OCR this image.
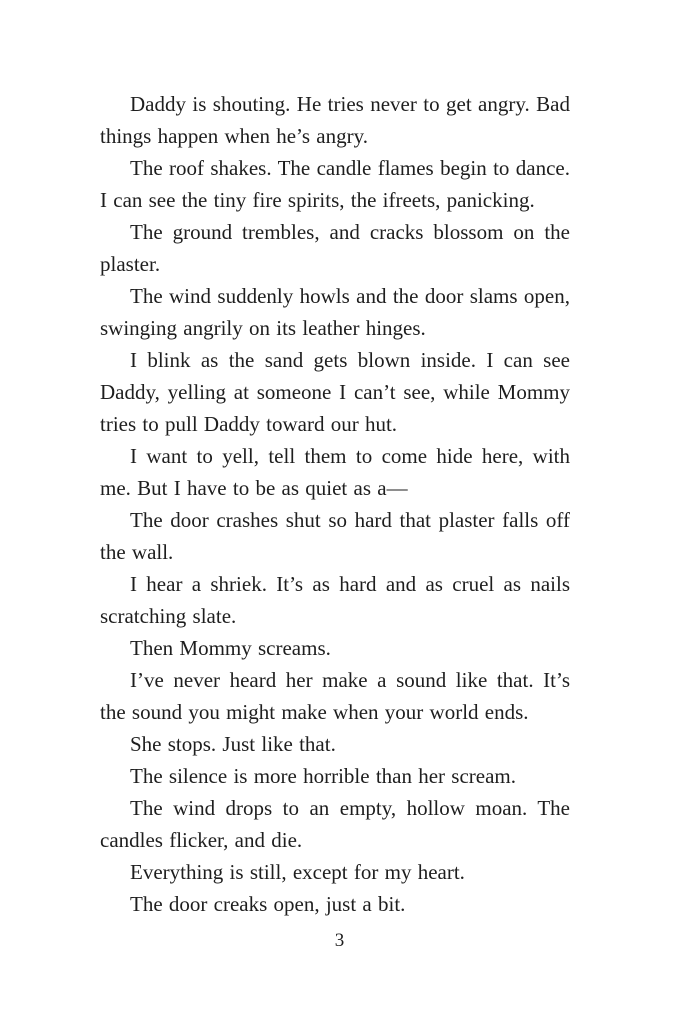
Daddy is shouting. He tries never to get angry. Bad things happen when he’s angry.

The roof shakes. The candle flames begin to dance. I can see the tiny fire spirits, the ifreets, panicking.

The ground trembles, and cracks blossom on the plaster.

The wind suddenly howls and the door slams open, swinging angrily on its leather hinges.

I blink as the sand gets blown inside. I can see Daddy, yelling at someone I can’t see, while Mommy tries to pull Daddy toward our hut.

I want to yell, tell them to come hide here, with me. But I have to be as quiet as a—

The door crashes shut so hard that plaster falls off the wall.

I hear a shriek. It’s as hard and as cruel as nails scratching slate.

Then Mommy screams.

I’ve never heard her make a sound like that. It’s the sound you might make when your world ends.

She stops. Just like that.

The silence is more horrible than her scream.

The wind drops to an empty, hollow moan. The candles flicker, and die.

Everything is still, except for my heart.

The door creaks open, just a bit.

3
